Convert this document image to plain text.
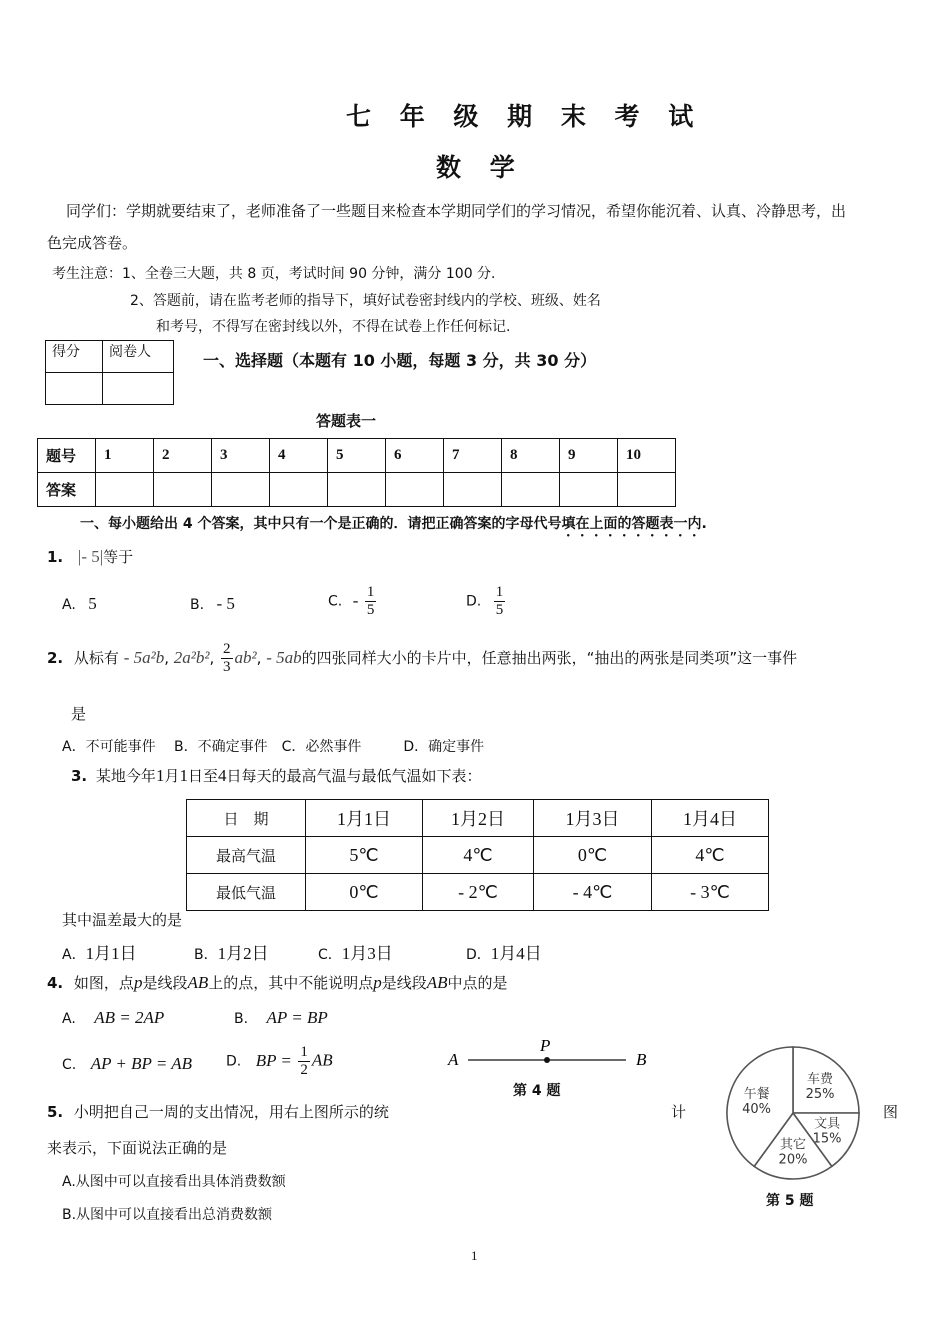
七 年 级 期 末 考 试
数 学
同学们：学期就要结束了，老师准备了一些题目来检查本学期同学们的学习情况，希望你能沉着、认真、冷静思考，出
色完成答卷。
考生注意：1、全卷三大题，共 8 页，考试时间 90 分钟，满分 100 分.
2、答题前，请在监考老师的指导下，填好试卷密封线内的学校、班级、姓名
和考号，不得写在密封线以外，不得在试卷上作任何标记.
得分	阅卷人
		一、选择题（本题有 10 小题，每题 3 分，共 30 分）
答题表一
题号	1	2	3	4	5	6	7	8	9	10
答案										
一、每小题给出 4 个答案，其中只有一个是正确的．请把正确答案的字母代号填在上面的答题表一内.
1. |- 5|等于
A. 5	B. - 5	C. - $\frac{1}{5}$	D. $\frac{1}{5}$
2. 从标有 - 5a²b, 2a²b², $\frac{2}{3} ab^2$, - 5ab的四张同样大小的卡片中，任意抽出两张，“抽出的两张是同类项”这一事件
是
A．不可能事件　 B．不确定事件　C．必然事件　　　D．确定事件
3. 某地今年1月1日至4日每天的最高气温与最低气温如下表：
日　期	1月1日	1月2日	1月3日	1月4日
最高气温	5℃	4℃	0℃	4℃
最低气温	0℃	- 2℃	- 4℃	- 3℃
其中温差最大的是
A．1月1日	B．1月2日	C．1月3日	D．1月4日
4. 如图，点p是线段AB上的点，其中不能说明点p是线段AB中点的是
A. AB = 2AP	B. AP = BP
C. AP + BP = AB D. BP = $\frac{1}{2}$ AB	A
P
B
第 4 题
5. 小明把自己一周的支出情况，用右上图所示的统	计	图
来表示，下面说法正确的是
A.从图中可以直接看出具体消费数额
B.从图中可以直接看出总消费数额
车费
25%
文具
15%
其它
20%
午餐
40%
第 5 题
1
